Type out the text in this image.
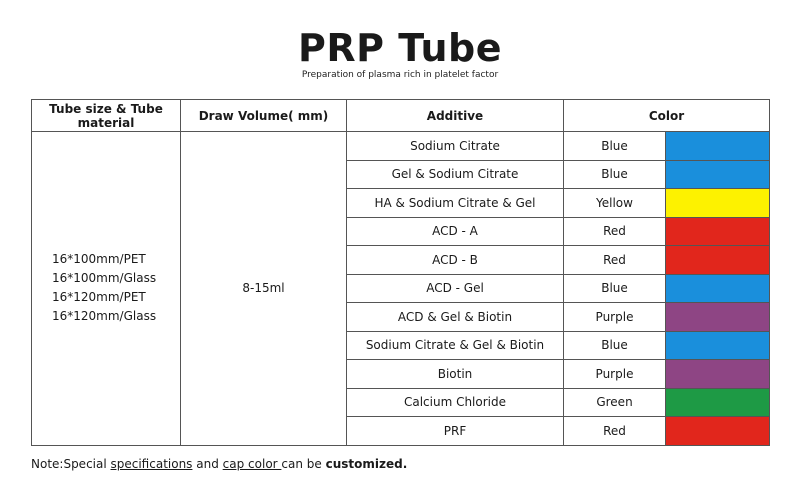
PRP Tube
Preparation of plasma rich in platelet factor
Tube size & Tube material	Draw Volume( mm)	Additive	Color	

16*100mm/PET
16*100mm/Glass
16*120mm/PET
16*120mm/Glass	8-15ml	Sodium Citrate	Blue	
		Gel & Sodium Citrate	Blue	
		HA & Sodium Citrate & Gel	Yellow	
		ACD - A	Red	
		ACD - B	Red	
		ACD - Gel	Blue	
		ACD & Gel & Biotin	Purple	
		Sodium Citrate & Gel & Biotin	Blue	
		Biotin	Purple	
		Calcium Chloride	Green	
		PRF	Red	
Note:Special specifications and cap color can be customized.
